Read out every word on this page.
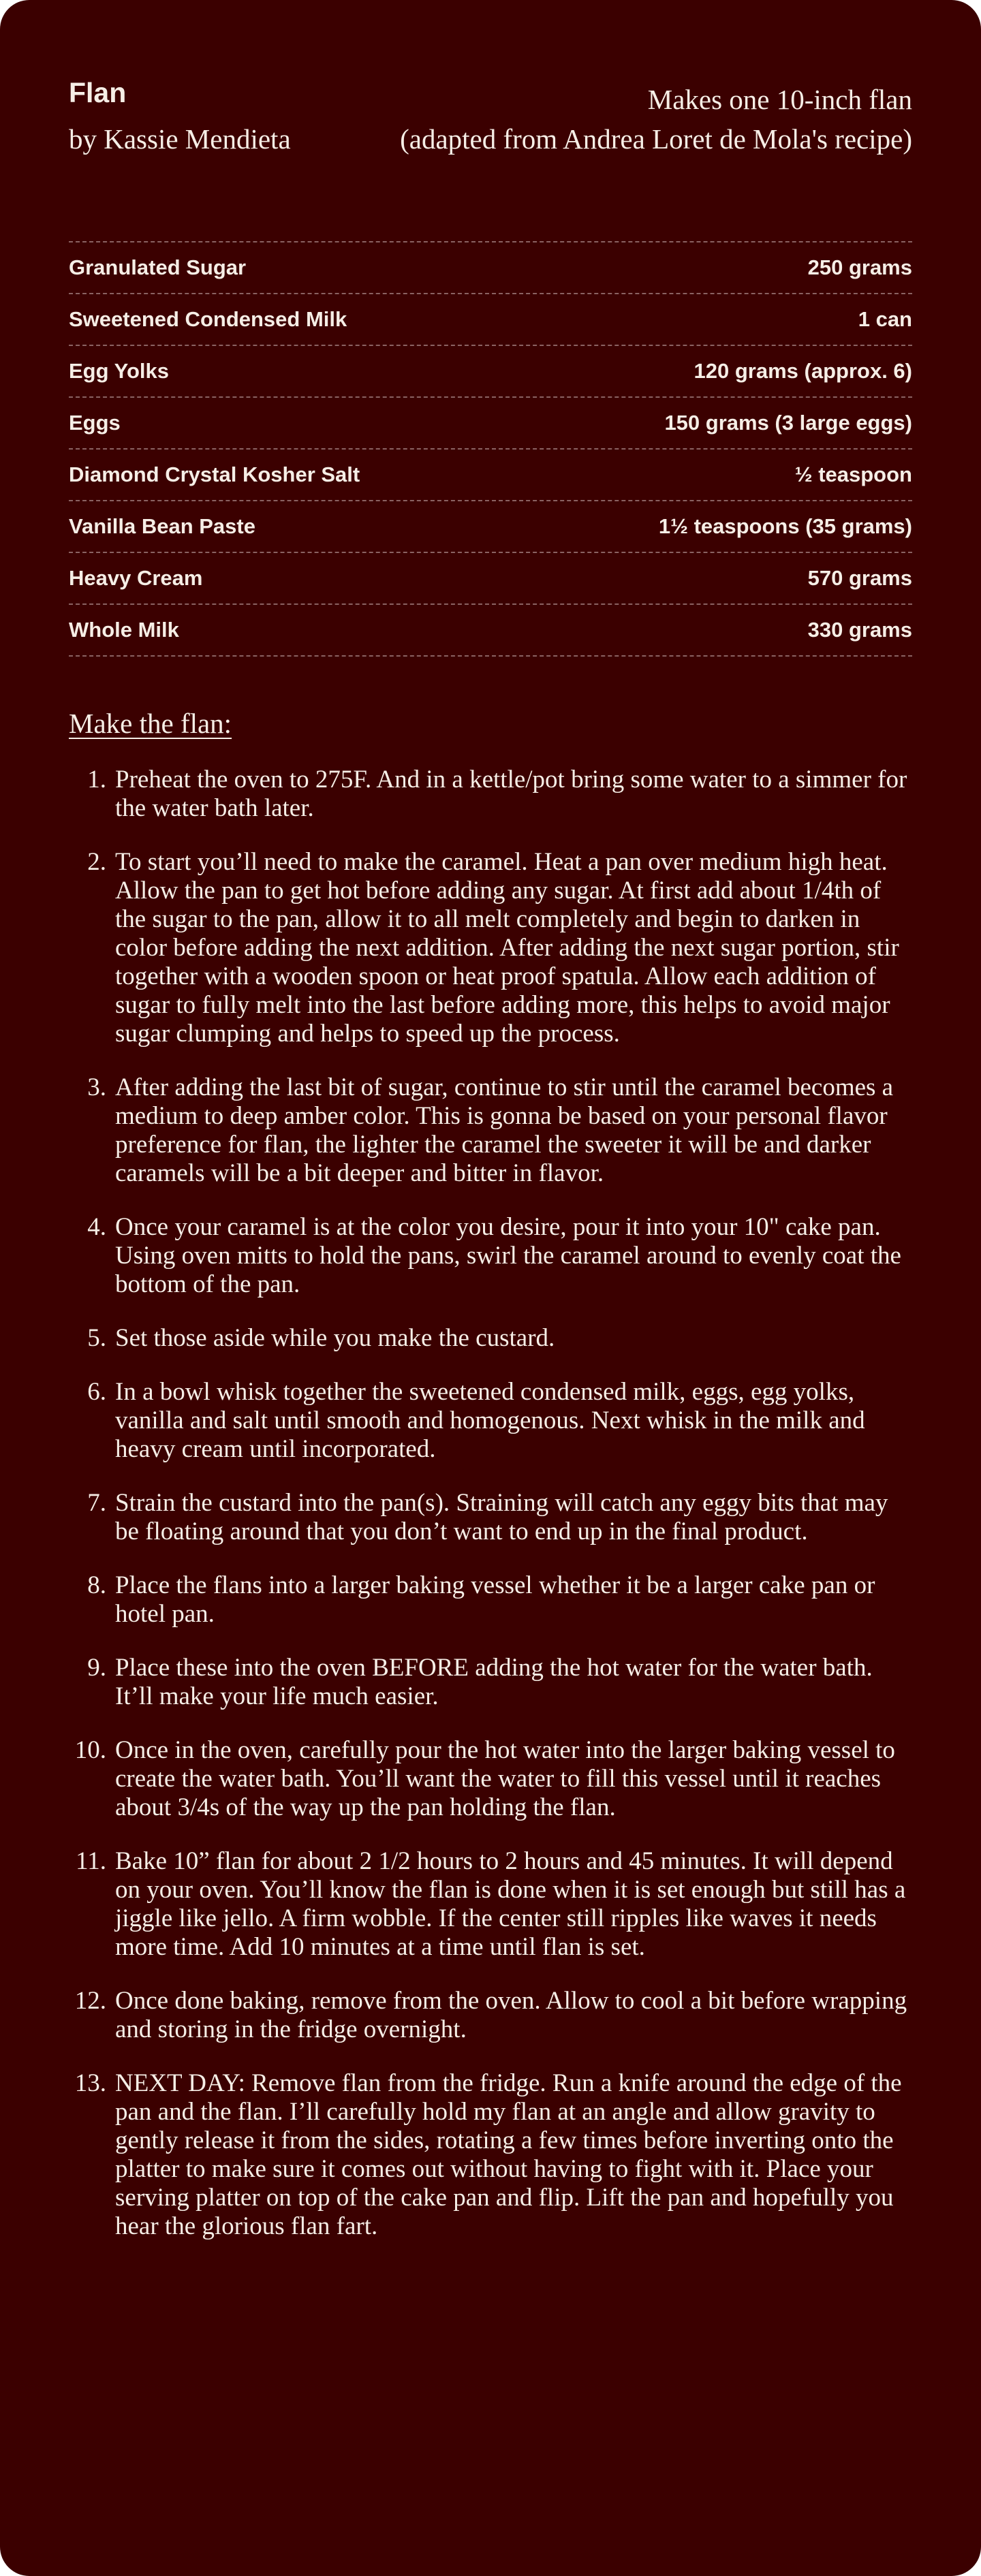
Flan
by Kassie Mendieta
Makes one 10-inch flan
(adapted from Andrea Loret de Mola's recipe)
Granulated Sugar	250 grams
Sweetened Condensed Milk	1 can
Egg Yolks	120 grams (approx. 6)
Eggs	150 grams (3 large eggs)
Diamond Crystal Kosher Salt	½ teaspoon
Vanilla Bean Paste	1½ teaspoons (35 grams)
Heavy Cream	570 grams
Whole Milk	330 grams
Make the flan:
1. Preheat the oven to 275F. And in a kettle/pot bring some water to a simmer for the water bath later.
2. To start you’ll need to make the caramel. Heat a pan over medium high heat. Allow the pan to get hot before adding any sugar. At first add about 1/4th of the sugar to the pan, allow it to all melt completely and begin to darken in color before adding the next addition. After adding the next sugar portion, stir together with a wooden spoon or heat proof spatula. Allow each addition of sugar to fully melt into the last before adding more, this helps to avoid major sugar clumping and helps to speed up the process.
3. After adding the last bit of sugar, continue to stir until the caramel becomes a medium to deep amber color. This is gonna be based on your personal flavor preference for flan, the lighter the caramel the sweeter it will be and darker caramels will be a bit deeper and bitter in flavor.
4. Once your caramel is at the color you desire, pour it into your 10" cake pan. Using oven mitts to hold the pans, swirl the caramel around to evenly coat the bottom of the pan.
5. Set those aside while you make the custard.
6. In a bowl whisk together the sweetened condensed milk, eggs, egg yolks, vanilla and salt until smooth and homogenous. Next whisk in the milk and heavy cream until incorporated.
7. Strain the custard into the pan(s). Straining will catch any eggy bits that may be floating around that you don’t want to end up in the final product.
8. Place the flans into a larger baking vessel whether it be a larger cake pan or hotel pan.
9. Place these into the oven BEFORE adding the hot water for the water bath. It’ll make your life much easier.
10. Once in the oven, carefully pour the hot water into the larger baking vessel to create the water bath. You’ll want the water to fill this vessel until it reaches about 3/4s of the way up the pan holding the flan.
11. Bake 10” flan for about 2 1/2 hours to 2 hours and 45 minutes. It will depend on your oven. You’ll know the flan is done when it is set enough but still has a jiggle like jello. A firm wobble. If the center still ripples like waves it needs more time. Add 10 minutes at a time until flan is set.
12. Once done baking, remove from the oven. Allow to cool a bit before wrapping and storing in the fridge overnight.
13. NEXT DAY: Remove flan from the fridge. Run a knife around the edge of the pan and the flan. I’ll carefully hold my flan at an angle and allow gravity to gently release it from the sides, rotating a few times before inverting onto the platter to make sure it comes out without having to fight with it. Place your serving platter on top of the cake pan and flip. Lift the pan and hopefully you hear the glorious flan fart.
